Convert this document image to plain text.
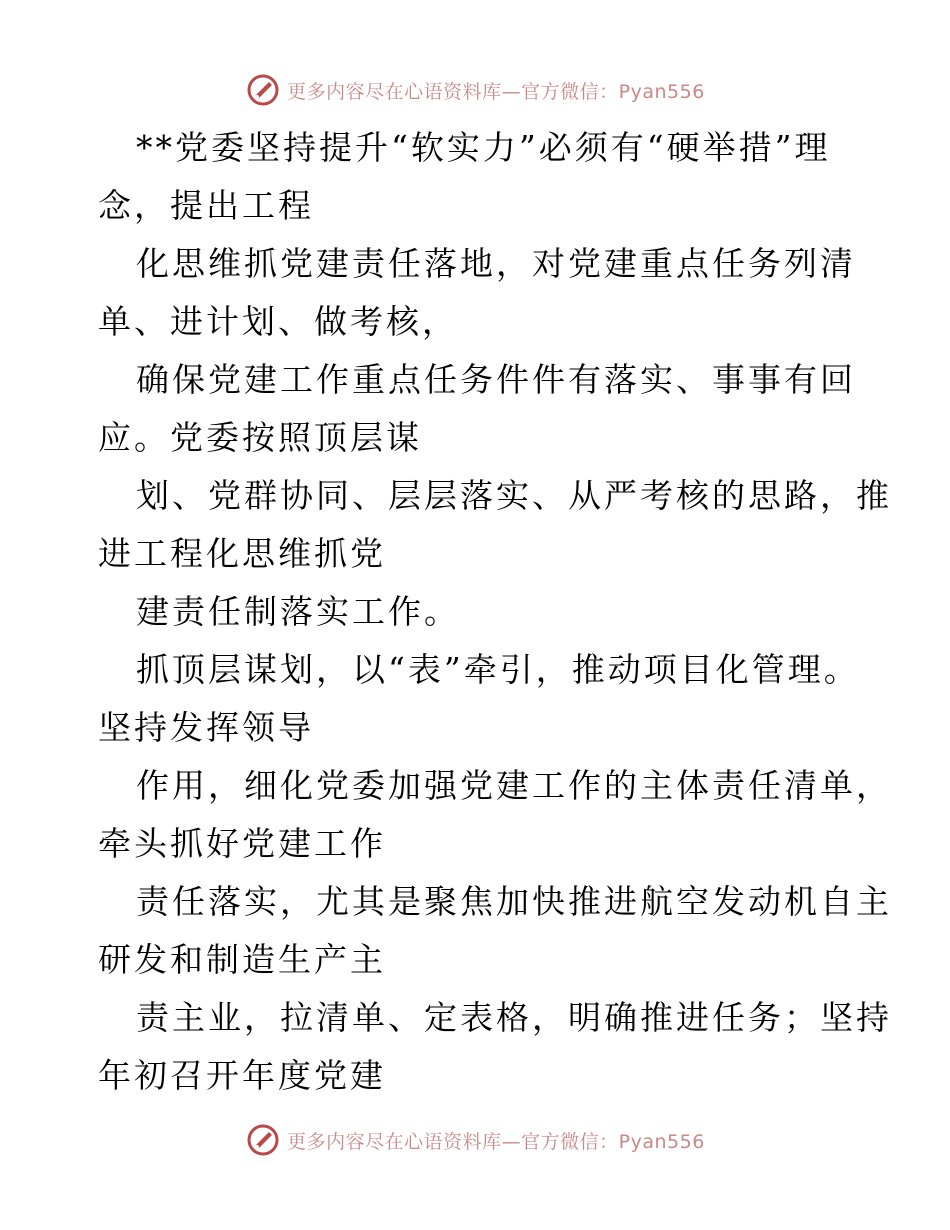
更多内容尽在心语资料库—官方微信：Pyan556
**党委坚持提升“软实力”必须有“硬举措”理
念，提出工程
化思维抓党建责任落地，对党建重点任务列清
单、进计划、做考核，
确保党建工作重点任务件件有落实、事事有回
应。党委按照顶层谋
划、党群协同、层层落实、从严考核的思路，推
进工程化思维抓党
建责任制落实工作。
抓顶层谋划，以“表”牵引，推动项目化管理。
坚持发挥领导
作用，细化党委加强党建工作的主体责任清单，
牵头抓好党建工作
责任落实，尤其是聚焦加快推进航空发动机自主
研发和制造生产主
责主业，拉清单、定表格，明确推进任务；坚持
年初召开年度党建
更多内容尽在心语资料库—官方微信：Pyan556
